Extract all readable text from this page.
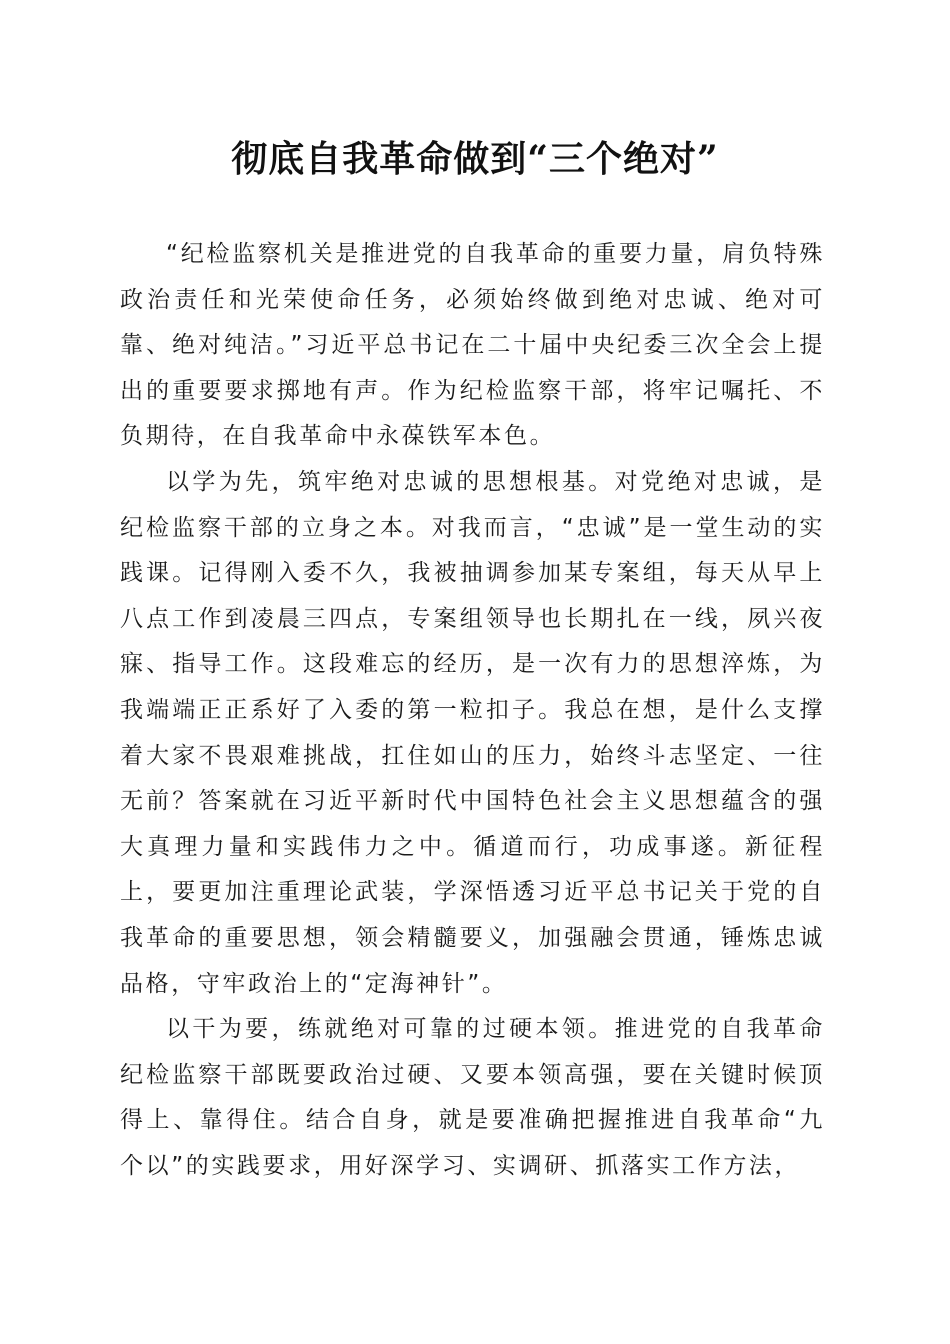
彻底自我革命做到“三个绝对”

“纪检监察机关是推进党的自我革命的重要力量，肩负特殊政治责任和光荣使命任务，必须始终做到绝对忠诚、绝对可靠、绝对纯洁。”习近平总书记在二十届中央纪委三次全会上提出的重要要求掷地有声。作为纪检监察干部，将牢记嘱托、不负期待，在自我革命中永葆铁军本色。

以学为先，筑牢绝对忠诚的思想根基。对党绝对忠诚，是纪检监察干部的立身之本。对我而言，“忠诚”是一堂生动的实践课。记得刚入委不久，我被抽调参加某专案组，每天从早上八点工作到凌晨三四点，专案组领导也长期扎在一线，夙兴夜寐、指导工作。这段难忘的经历，是一次有力的思想淬炼，为我端端正正系好了入委的第一粒扣子。我总在想，是什么支撑着大家不畏艰难挑战，扛住如山的压力，始终斗志坚定、一往无前？答案就在习近平新时代中国特色社会主义思想蕴含的强大真理力量和实践伟力之中。循道而行，功成事遂。新征程上，要更加注重理论武装，学深悟透习近平总书记关于党的自我革命的重要思想，领会精髓要义，加强融会贯通，锤炼忠诚品格，守牢政治上的“定海神针”。

以干为要，练就绝对可靠的过硬本领。推进党的自我革命纪检监察干部既要政治过硬、又要本领高强，要在关键时候顶得上、靠得住。结合自身，就是要准确把握推进自我革命“九个以”的实践要求，用好深学习、实调研、抓落实工作方法，
